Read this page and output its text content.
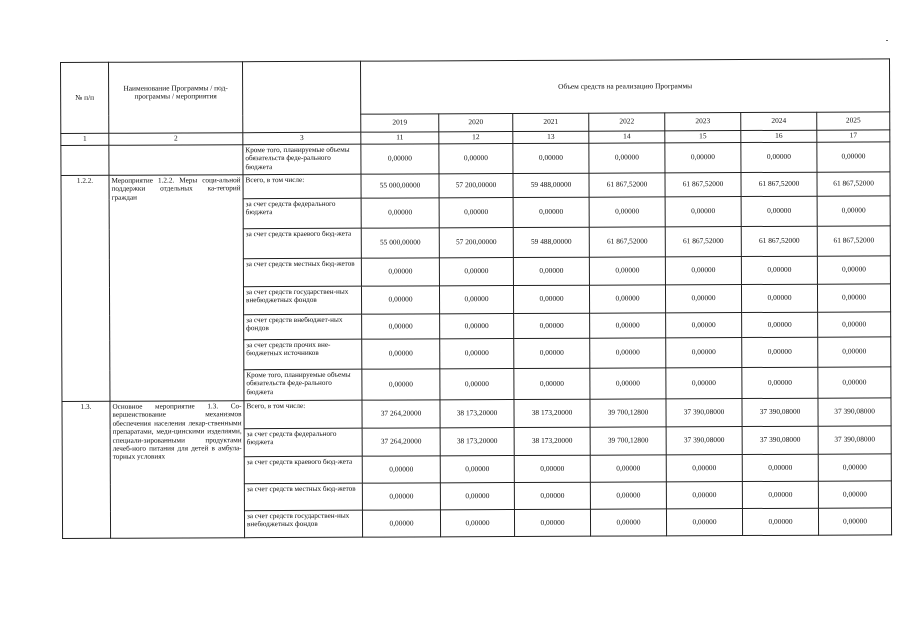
№ п/п	Наименование Программы / под-программы / мероприятия		Объем средств на реализацию Программы						
			2019	2020	2021	2022	2023	2024	2025
1	2	3	11	12	13	14	15	16	17
		Кроме того, планируемые объемы обязательств феде-рального бюджета	0,00000	0,00000	0,00000	0,00000	0,00000	0,00000	0,00000
1.2.2.	Мероприятие 1.2.2. Меры соци-альной поддержки отдельных ка-тегорий граждан	Всего, в том числе:	55 000,00000	57 200,00000	59 488,00000	61 867,52000	61 867,52000	61 867,52000	61 867,52000
		за счет средств федерального бюджета	0,00000	0,00000	0,00000	0,00000	0,00000	0,00000	0,00000
		за счет средств краевого бюд-жета	55 000,00000	57 200,00000	59 488,00000	61 867,52000	61 867,52000	61 867,52000	61 867,52000
		за счет средств местных бюд-жетов	0,00000	0,00000	0,00000	0,00000	0,00000	0,00000	0,00000
		за счет средств государствен-ных внебюджетных фондов	0,00000	0,00000	0,00000	0,00000	0,00000	0,00000	0,00000
		за счет средств внебюджет-ных фондов	0,00000	0,00000	0,00000	0,00000	0,00000	0,00000	0,00000
		за счет средств прочих вне-бюджетных источников	0,00000	0,00000	0,00000	0,00000	0,00000	0,00000	0,00000
		Кроме того, планируемые объемы обязательств феде-рального бюджета	0,00000	0,00000	0,00000	0,00000	0,00000	0,00000	0,00000
1.3.	Основное мероприятие 1.3. Со-вершенствование механизмов обеспечения населения лекар-ственными препаратами, меди-цинскими изделиями, специали-зированными продуктами лечеб-ного питания для детей в амбула-торных условиях	Всего, в том числе:	37 264,20000	38 173,20000	38 173,20000	39 700,12800	37 390,08000	37 390,08000	37 390,08000
		за счет средств федерального бюджета	37 264,20000	38 173,20000	38 173,20000	39 700,12800	37 390,08000	37 390,08000	37 390,08000
		за счет средств краевого бюд-жета	0,00000	0,00000	0,00000	0,00000	0,00000	0,00000	0,00000
		за счет средств местных бюд-жетов	0,00000	0,00000	0,00000	0,00000	0,00000	0,00000	0,00000
		за счет средств государствен-ных внебюджетных фондов	0,00000	0,00000	0,00000	0,00000	0,00000	0,00000	0,00000
